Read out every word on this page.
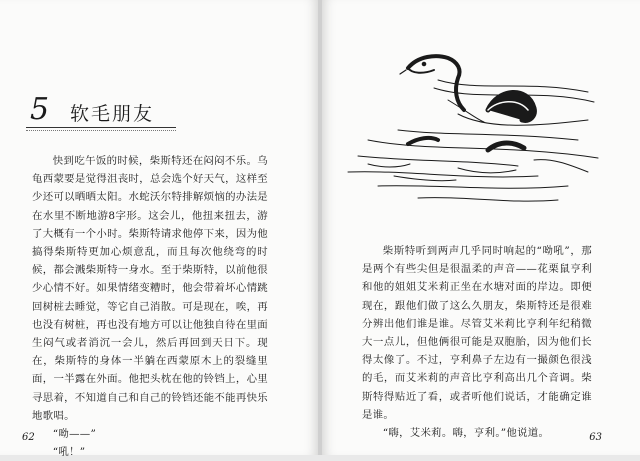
5 软毛朋友

快到吃午饭的时候，柴斯特还在闷闷不乐。乌龟西蒙要是觉得沮丧时，总会选个好天气，这样至少还可以晒晒太阳。水蛇沃尔特排解烦恼的办法是在水里不断地游8字形。这会儿，他扭来扭去，游了大概有一个小时。柴斯特请求他停下来，因为他搞得柴斯特更加心烦意乱，而且每次他绕弯的时候，都会溅柴斯特一身水。至于柴斯特，以前他很少心情不好。如果情绪变糟时，他会带着坏心情跳回树桩去睡觉，等它自己消散。可是现在，唉，再也没有树桩，再也没有地方可以让他独自待在里面生闷气或者消沉一会儿，然后再回到天日下。现在，柴斯特的身体一半躺在西蒙原木上的裂缝里面，一半露在外面。他把头枕在他的铃铛上，心里寻思着，不知道自己和自己的铃铛还能不能再快乐地歌唱。

“呦——”

“吼！”

62

柴斯特听到两声几乎同时响起的“呦吼”，那是两个有些尖但是很温柔的声音——花栗鼠亨利和他的姐姐艾米莉正坐在水塘对面的岸边。即便现在，跟他们做了这么久朋友，柴斯特还是很难分辨出他们谁是谁。尽管艾米莉比亨利年纪稍微大一点儿，但他俩很可能是双胞胎，因为他们长得太像了。不过，亨利鼻子左边有一撮颜色很浅的毛，而艾米莉的声音比亨利高出几个音调。柴斯特得贴近了看，或者听他们说话，才能确定谁是谁。

“嗨，艾米莉。嗨，亨利。”他说道。	63
